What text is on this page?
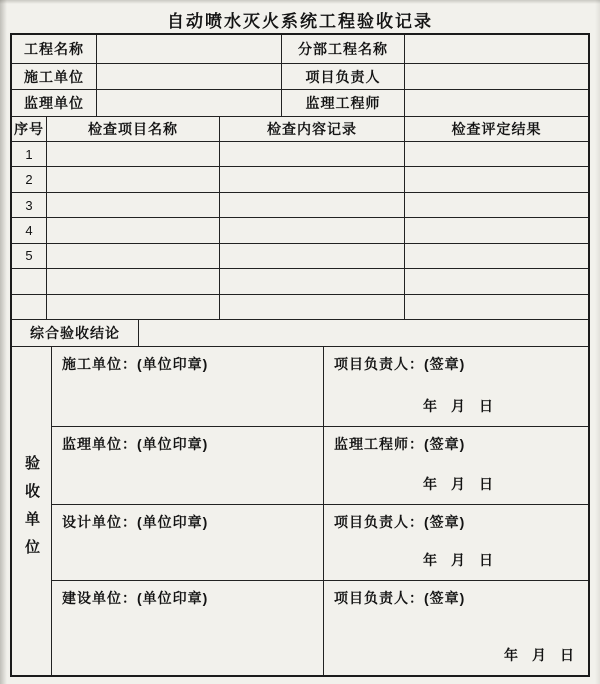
自动喷水灭火系统工程验收记录
工程名称	分部工程名称
施工单位	项目负责人
监理单位	监理工程师
序号	检查项目名称	检查内容记录	检查评定结果
1
2
3
4
5
综合验收结论
验收单位
施工单位：(单位印章)	项目负责人：(签章)
年　月　日
监理单位：(单位印章)	监理工程师：(签章)
年　月　日
设计单位：(单位印章)	项目负责人：(签章)
年　月　日
建设单位：(单位印章)	项目负责人：(签章)
年　月　日
